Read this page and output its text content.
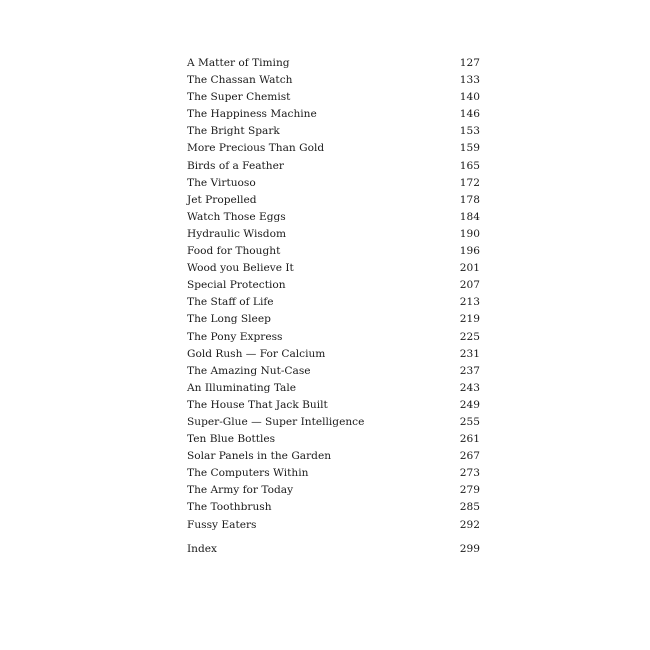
A Matter of Timing	127
The Chassan Watch	133
The Super Chemist	140
The Happiness Machine	146
The Bright Spark	153
More Precious Than Gold	159
Birds of a Feather	165
The Virtuoso	172
Jet Propelled	178
Watch Those Eggs	184
Hydraulic Wisdom	190
Food for Thought	196
Wood you Believe It	201
Special Protection	207
The Staff of Life	213
The Long Sleep	219
The Pony Express	225
Gold Rush — For Calcium	231
The Amazing Nut-Case	237
An Illuminating Tale	243
The House That Jack Built	249
Super-Glue — Super Intelligence	255
Ten Blue Bottles	261
Solar Panels in the Garden	267
The Computers Within	273
The Army for Today	279
The Toothbrush	285
Fussy Eaters	292
Index	299
